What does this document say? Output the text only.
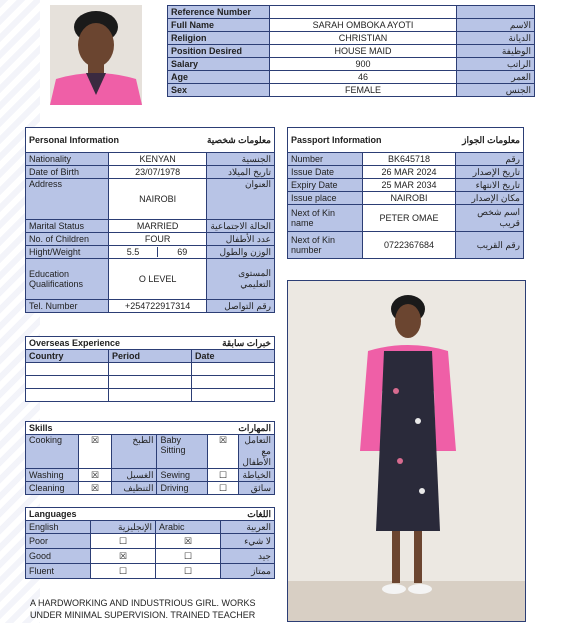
Reference Number		
Full Name	SARAH OMBOKA AYOTI	الاسم
Religion	CHRISTIAN	الديانة
Position Desired	HOUSE MAID	الوظيفة
Salary	900	الراتب
Age	46	العمر
Sex	FEMALE	الجنس
Personal Information معلومات شخصية		

Nationality	KENYAN	الجنسية
Date of Birth	23/07/1978	تاريخ الميلاد
Address	NAIROBI	العنوان
Marital Status	MARRIED	الحالة الاجتماعية
No. of Children	FOUR	عدد الأطفال
Hight/Weight	5.5 69	الوزن والطول
Education Qualifications	O LEVEL	المستوى التعليمي
Tel. Number	+254722917314	رقم التواصل
Passport Information معلومات الجواز		

Number	BK645718	رقم
Issue Date	26 MAR 2024	تاريخ الإصدار
Expiry Date	25 MAR 2034	تاريخ الانتهاء
Issue place	NAIROBI	مكان الإصدار
Next of Kin name	PETER OMAE	اسم شخص قريب
Next of Kin number	0722367684	رقم القريب
Overseas Experience خبرات سابقة		

Country	Period	Date

Skills المهارات					

Cooking	☒	الطبخ	Baby Sitting	☒	التعامل مع الأطفال
Washing	☒	الغسيل	Sewing	☐	الخياطة
Cleaning	☒	التنظيف	Driving	☐	سائق
Languages اللغات			

English	الإنجليزية	Arabic	العربية
Poor	☐	☒	لا شيء
Good	☒	☐	جيد
Fluent	☐	☐	ممتاز
A HARDWORKING AND INDUSTRIOUS GIRL. WORKS UNDER MINIMAL SUPERVISION. TRAINED TEACHER
